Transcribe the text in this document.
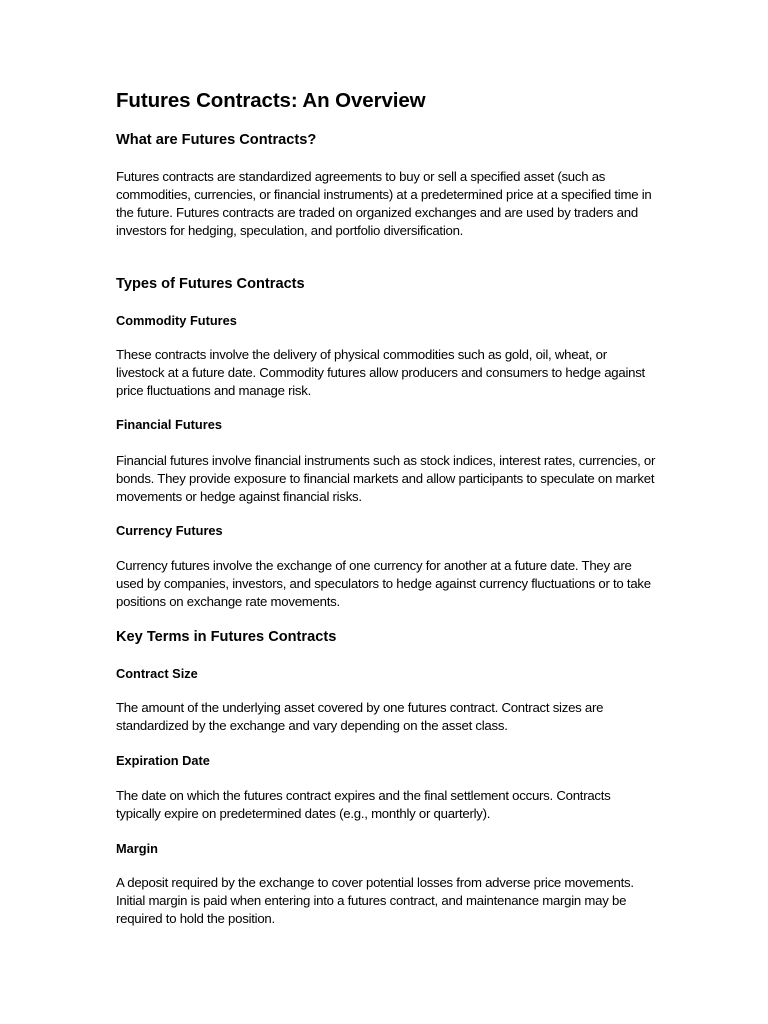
Futures Contracts: An Overview
What are Futures Contracts?

Futures contracts are standardized agreements to buy or sell a specified asset (such as commodities, currencies, or financial instruments) at a predetermined price at a specified time in the future. Futures contracts are traded on organized exchanges and are used by traders and investors for hedging, speculation, and portfolio diversification.

Types of Futures Contracts
Commodity Futures

These contracts involve the delivery of physical commodities such as gold, oil, wheat, or livestock at a future date. Commodity futures allow producers and consumers to hedge against price fluctuations and manage risk.

Financial Futures

Financial futures involve financial instruments such as stock indices, interest rates, currencies, or bonds. They provide exposure to financial markets and allow participants to speculate on market movements or hedge against financial risks.

Currency Futures

Currency futures involve the exchange of one currency for another at a future date. They are used by companies, investors, and speculators to hedge against currency fluctuations or to take positions on exchange rate movements.

Key Terms in Futures Contracts
Contract Size

The amount of the underlying asset covered by one futures contract. Contract sizes are standardized by the exchange and vary depending on the asset class.

Expiration Date

The date on which the futures contract expires and the final settlement occurs. Contracts typically expire on predetermined dates (e.g., monthly or quarterly).

Margin

A deposit required by the exchange to cover potential losses from adverse price movements. Initial margin is paid when entering into a futures contract, and maintenance margin may be required to hold the position.
